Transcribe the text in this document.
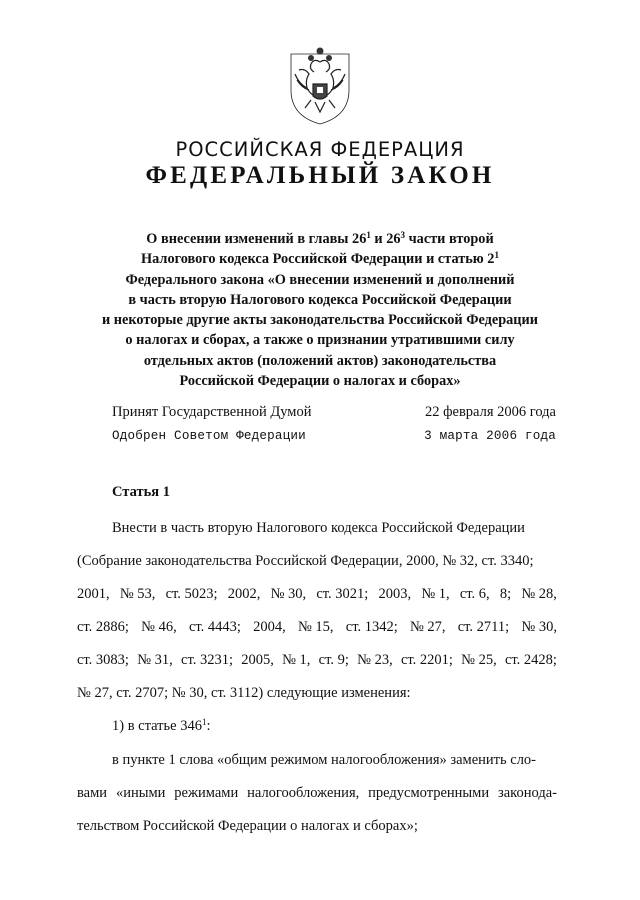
РОССИЙСКАЯ ФЕДЕРАЦИЯ
ФЕДЕРАЛЬНЫЙ ЗАКОН
О внесении изменений в главы $26^1$ и $26^3$ части второй
Налогового кодекса Российской Федерации и статью $2^1$
Федерального закона «О внесении изменений и дополнений
в часть вторую Налогового кодекса Российской Федерации
и некоторые другие акты законодательства Российской Федерации
о налогах и сборах, а также о признании утратившими силу
отдельных актов (положений актов) законодательства
Российской Федерации о налогах и сборах»
Принят Государственной Думой	22 февраля 2006 года
Одобрен Советом Федерации	3 марта 2006 года
Статья 1
Внести в часть вторую Налогового кодекса Российской Федерации
(Собрание законодательства Российской Федерации, 2000, № 32, ст. 3340;
2001, № 53, ст. 5023; 2002, № 30, ст. 3021; 2003, № 1, ст. 6, 8; № 28,
ст. 2886; № 46, ст. 4443; 2004, № 15, ст. 1342; № 27, ст. 2711; № 30,
ст. 3083; № 31, ст. 3231; 2005, № 1, ст. 9; № 23, ст. 2201; № 25, ст. 2428;
№ 27, ст. 2707; № 30, ст. 3112) следующие изменения:
1) в статье $346^1$:
в пункте 1 слова «общим режимом налогообложения» заменить сло-
вами «иными режимами налогообложения, предусмотренными законода-
тельством Российской Федерации о налогах и сборах»;
